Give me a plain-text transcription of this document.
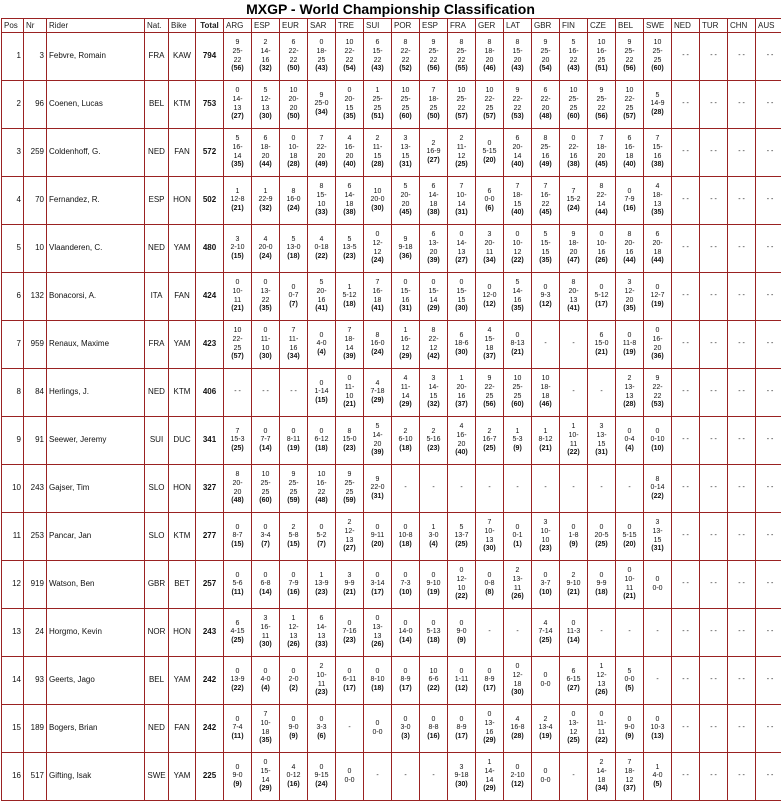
MXGP - World Championship Classification
Pos	Nr	Rider	Nat.	Bike	Total	ARG	ESP	EUR	SAR	TRE	SUI	POR	ESP	FRA	GER	LAT	GBR	FIN	CZE	BEL	SWE	NED	TUR	CHN	AUS
1	3	Febvre, Romain	FRA	KAW	794	9
25-
22
(56)	2
14-
16
(32)	6
22-
22
(50)	0
18-
25
(43)	10
22-
22
(54)	6
15-
22
(43)	8
22-
22
(52)	9
25-
22
(56)	8
25-
22
(55)	8
18-
20
(46)	8
15-
20
(43)	9
25-
20
(54)	5
16-
22
(43)	10
16-
25
(51)	9
25-
22
(56)	10
25-
25
(60)	- -	- -	- -	- -

2	96	Coenen, Lucas	BEL	KTM	753	0
14-
13
(27)	5
12-
13
(30)	10
20-
20
(50)	9
25-0
(34)	0
20-
15
(35)	1
25-
25
(51)	10
25-
25
(60)	7
18-
25
(50)	10
25-
22
(57)	10
22-
25
(57)	9
22-
22
(53)	6
22-
20
(48)	10
25-
25
(60)	9
25-
22
(56)	10
22-
25
(57)	5
14-9
(28)	- -	- -	- -	- -

3	259	Coldenhoff, G.	NED	FAN	572	5
16-
14
(35)	6
18-
20
(44)	0
10-
18
(28)	7
22-
20
(49)	4
16-
20
(40)	2
11-
15
(28)	3
13-
15
(31)	2
16-9
(27)	2
11-
12
(25)	0
5-15
(20)	6
20-
14
(40)	8
25-
16
(49)	0
22-
16
(38)	7
18-
20
(45)	6
16-
18
(40)	7
15-
16
(38)	- -	- -	- -	- -

4	70	Fernandez, R.	ESP	HON	502	1
12-8
(21)	1
22-9
(32)	8
16-0
(24)	8
15-
10
(33)	6
14-
18
(38)	10
20-0
(30)	5
20-
20
(45)	6
14-
18
(38)	7
10-
14
(31)	6
0-0
(6)	7
18-
15
(40)	7
16-
22
(45)	7
15-2
(24)	8
22-
14
(44)	0
7-9
(16)	4
18-
13
(35)	- -	- -	- -	- -

5	10	Vlaanderen, C.	NED	YAM	480	3
2-10
(15)	4
20-0
(24)	5
13-0
(18)	4
0-18
(22)	5
13-5
(23)	0
12-
12
(24)	9
9-18
(36)	6
13-
20
(39)	0
14-
13
(27)	3
20-
11
(34)	0
10-
12
(22)	5
15-
15
(35)	9
18-
20
(47)	0
10-
16
(26)	8
20-
16
(44)	6
20-
18
(44)	- -	- -	- -	- -

6	132	Bonacorsi, A.	ITA	FAN	424	0
10-
11
(21)	0
13-
22
(35)	0
0-7
(7)	5
20-
16
(41)	1
5-12
(18)	7
16-
18
(41)	0
15-
16
(31)	0
15-
14
(29)	0
15-
15
(30)	0
12-0
(12)	5
14-
16
(35)	0
9-3
(12)	8
20-
13
(41)	0
5-12
(17)	3
12-
20
(35)	0
12-7
(19)	- -	- -	- -	- -

7	959	Renaux, Maxime	FRA	YAM	423	10
22-
25
(57)	0
11-
10
(30)	7
11-
16
(34)	0
4-0
(4)	7
18-
14
(39)	8
16-0
(24)	1
16-
12
(29)	8
22-
12
(42)	6
18-6
(30)	4
15-
18
(37)	0
8-13
(21)	-	-	6
15-0
(21)	0
11-8
(19)	0
16-
20
(36)	- -	- -	- -	- -

8	84	Herlings, J.	NED	KTM	406	- -	- -	- -	0
1-14
(15)	0
11-
10
(21)	4
7-18
(29)	4
11-
14
(29)	3
14-
15
(32)	1
20-
16
(37)	9
22-
25
(56)	10
25-
25
(60)	10
18-
18
(46)	-	-	2
13-
13
(28)	9
22-
22
(53)	- -	- -	- -	- -

9	91	Seewer, Jeremy	SUI	DUC	341	7
15-3
(25)	0
7-7
(14)	0
8-11
(19)	0
6-12
(18)	8
15-0
(23)	5
14-
20
(39)	2
6-10
(18)	2
5-16
(23)	4
16-
20
(40)	2
16-7
(25)	1
5-3
(9)	1
8-12
(21)	1
10-
11
(22)	3
13-
15
(31)	0
0-4
(4)	0
0-10
(10)	- -	- -	- -	- -

10	243	Gajser, Tim	SLO	HON	327	8
20-
20
(48)	10
25-
25
(60)	9
25-
25
(59)	10
16-
22
(48)	9
25-
25
(59)	9
22-0
(31)	-	-	-	-	-	-	-	-	-	8
0-14
(22)	- -	- -	- -	- -

11	253	Pancar, Jan	SLO	KTM	277	0
8-7
(15)	0
3-4
(7)	2
5-8
(15)	0
5-2
(7)	2
12-
13
(27)	0
9-11
(20)	0
10-8
(18)	1
3-0
(4)	5
13-7
(25)	7
10-
13
(30)	0
0-1
(1)	3
10-
10
(23)	0
1-8
(9)	0
20-5
(25)	0
5-15
(20)	3
13-
15
(31)	- -	- -	- -	- -

12	919	Watson, Ben	GBR	BET	257	0
5-6
(11)	0
6-8
(14)	0
7-9
(16)	1
13-9
(23)	3
9-9
(21)	0
3-14
(17)	0
7-3
(10)	0
9-10
(19)	0
12-
10
(22)	0
0-8
(8)	2
13-
11
(26)	0
3-7
(10)	2
9-10
(21)	0
9-9
(18)	0
10-
11
(21)	0
0-0	- -	- -	- -	- -

13	24	Horgmo, Kevin	NOR	HON	243	6
4-15
(25)	3
16-
11
(30)	1
12-
13
(26)	6
14-
13
(33)	0
7-16
(23)	0
13-
13
(26)	0
14-0
(14)	0
5-13
(18)	0
9-0
(9)	-	-	4
7-14
(25)	0
11-3
(14)	-	-	-	- -	- -	- -	- -

14	93	Geerts, Jago	BEL	YAM	242	0
13-9
(22)	0
4-0
(4)	0
2-0
(2)	2
10-
11
(23)	0
6-11
(17)	0
8-10
(18)	0
8-9
(17)	10
6-6
(22)	0
1-11
(12)	0
8-9
(17)	0
12-
18
(30)	0
0-0	6
6-15
(27)	1
12-
13
(26)	5
0-0
(5)	-	- -	- -	- -	- -

15	189	Bogers, Brian	NED	FAN	242	0
7-4
(11)	7
10-
18
(35)	0
9-0
(9)	0
3-3
(6)	-	0
0-0	0
3-0
(3)	0
8-8
(16)	0
8-9
(17)	0
13-
16
(29)	4
16-8
(28)	2
13-4
(19)	0
13-
12
(25)	0
11-
11
(22)	0
9-0
(9)	0
10-3
(13)	- -	- -	- -	- -

16	517	Gifting, Isak	SWE	YAM	225	0
9-0
(9)	0
15-
14
(29)	4
0-12
(16)	0
9-15
(24)	0
0-0	-	-	-	3
9-18
(30)	1
14-
14
(29)	0
2-10
(12)	0
0-0	-	2
14-
18
(34)	7
18-
12
(37)	1
4-0
(5)	- -	- -	- -	- -
